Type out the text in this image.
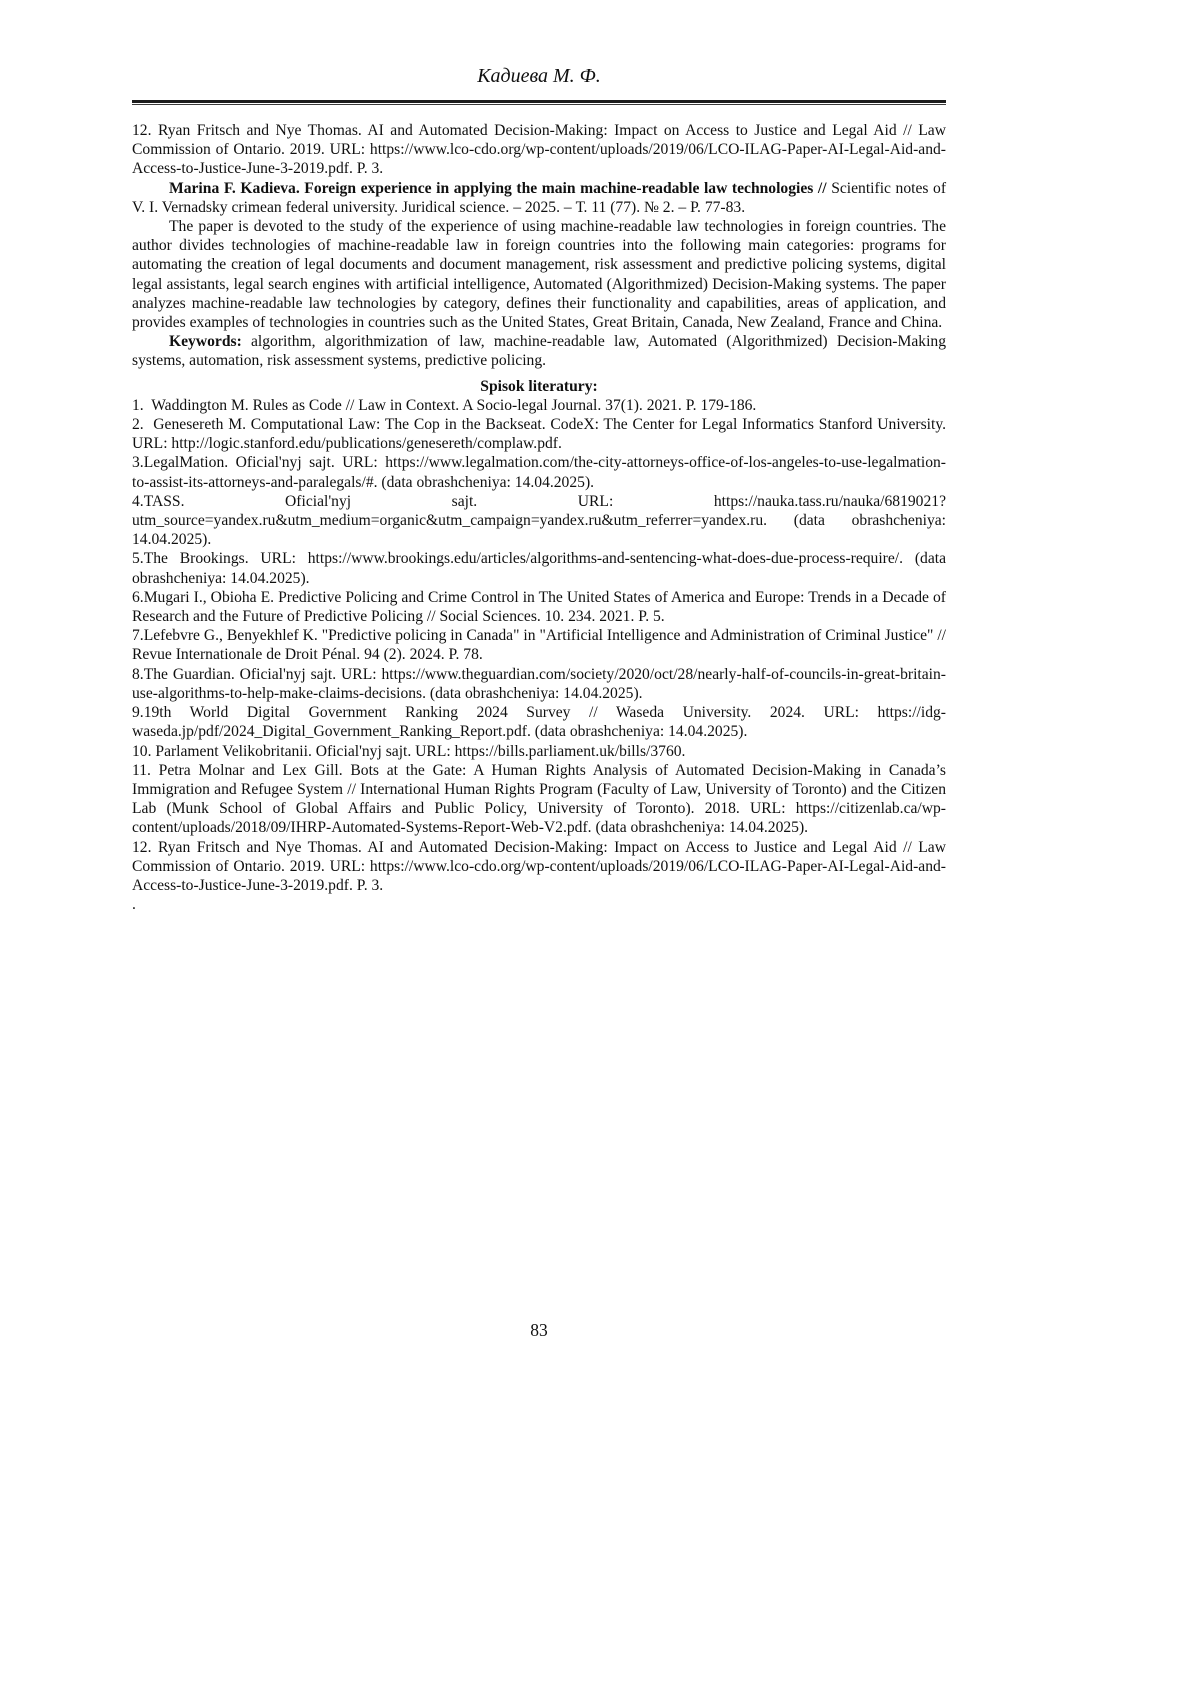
Кадиева М. Ф.

12. Ryan Fritsch and Nye Thomas. AI and Automated Decision-Making: Impact on Access to Justice and Legal Aid // Law Commission of Ontario. 2019. URL: https://www.lco-cdo.org/wp-content/uploads/2019/06/LCO-ILAG-Paper-AI-Legal-Aid-and-Access-to-Justice-June-3-2019.pdf. P. 3.

Marina F. Kadieva. Foreign experience in applying the main machine-readable law technologies // Scientific notes of V. I. Vernadsky crimean federal university. Juridical science. – 2025. – Т. 11 (77). № 2. – P. 77-83.

The paper is devoted to the study of the experience of using machine-readable law technologies in foreign countries. The author divides technologies of machine-readable law in foreign countries into the following main categories: programs for automating the creation of legal documents and document management, risk assessment and predictive policing systems, digital legal assistants, legal search engines with artificial intelligence, Automated (Algorithmized) Decision-Making systems. The paper analyzes machine-readable law technologies by category, defines their functionality and capabilities, areas of application, and provides examples of technologies in countries such as the United States, Great Britain, Canada, New Zealand, France and China.

Keywords: algorithm, algorithmization of law, machine-readable law, Automated (Algorithmized) Decision-Making systems, automation, risk assessment systems, predictive policing.

Spisok literatury:

1.  Waddington M. Rules as Code // Law in Context. A Socio-legal Journal. 37(1). 2021. P. 179-186.

2.  Genesereth M. Computational Law: The Cop in the Backseat. CodeX: The Center for Legal Informatics Stanford University. URL: http://logic.stanford.edu/publications/genesereth/complaw.pdf.

3.LegalMation. Oficial'nyj sajt. URL: https://www.legalmation.com/the-city-attorneys-office-of-los-angeles-to-use-legalmation-to-assist-its-attorneys-and-paralegals/#. (data obrashcheniya: 14.04.2025).

4.TASS. Oficial'nyj sajt. URL: https://nauka.tass.ru/nauka/6819021?utm_source=yandex.ru&utm_medium=organic&utm_campaign=yandex.ru&utm_referrer=yandex.ru. (data obrashcheniya: 14.04.2025).

5.The Brookings. URL: https://www.brookings.edu/articles/algorithms-and-sentencing-what-does-due-process-require/. (data obrashcheniya: 14.04.2025).

6.Mugari I., Obioha E. Predictive Policing and Crime Control in The United States of America and Europe: Trends in a Decade of Research and the Future of Predictive Policing // Social Sciences. 10. 234. 2021. P. 5.

7.Lefebvre G., Benyekhlef K. "Predictive policing in Canada" in "Artificial Intelligence and Administration of Criminal Justice" // Revue Internationale de Droit Pénal. 94 (2). 2024. P. 78.

8.The Guardian. Oficial'nyj sajt. URL: https://www.theguardian.com/society/2020/oct/28/nearly-half-of-councils-in-great-britain-use-algorithms-to-help-make-claims-decisions. (data obrashcheniya: 14.04.2025).

9.19th World Digital Government Ranking 2024 Survey // Waseda University. 2024. URL: https://idg-waseda.jp/pdf/2024_Digital_Government_Ranking_Report.pdf. (data obrashcheniya: 14.04.2025).

10. Parlament Velikobritanii. Oficial'nyj sajt. URL: https://bills.parliament.uk/bills/3760.

11. Petra Molnar and Lex Gill. Bots at the Gate: A Human Rights Analysis of Automated Decision-Making in Canada’s Immigration and Refugee System // International Human Rights Program (Faculty of Law, University of Toronto) and the Citizen Lab (Munk School of Global Affairs and Public Policy, University of Toronto). 2018. URL: https://citizenlab.ca/wp-content/uploads/2018/09/IHRP-Automated-Systems-Report-Web-V2.pdf. (data obrashcheniya: 14.04.2025).

12. Ryan Fritsch and Nye Thomas. AI and Automated Decision-Making: Impact on Access to Justice and Legal Aid // Law Commission of Ontario. 2019. URL: https://www.lco-cdo.org/wp-content/uploads/2019/06/LCO-ILAG-Paper-AI-Legal-Aid-and-Access-to-Justice-June-3-2019.pdf. P. 3.

.

83
